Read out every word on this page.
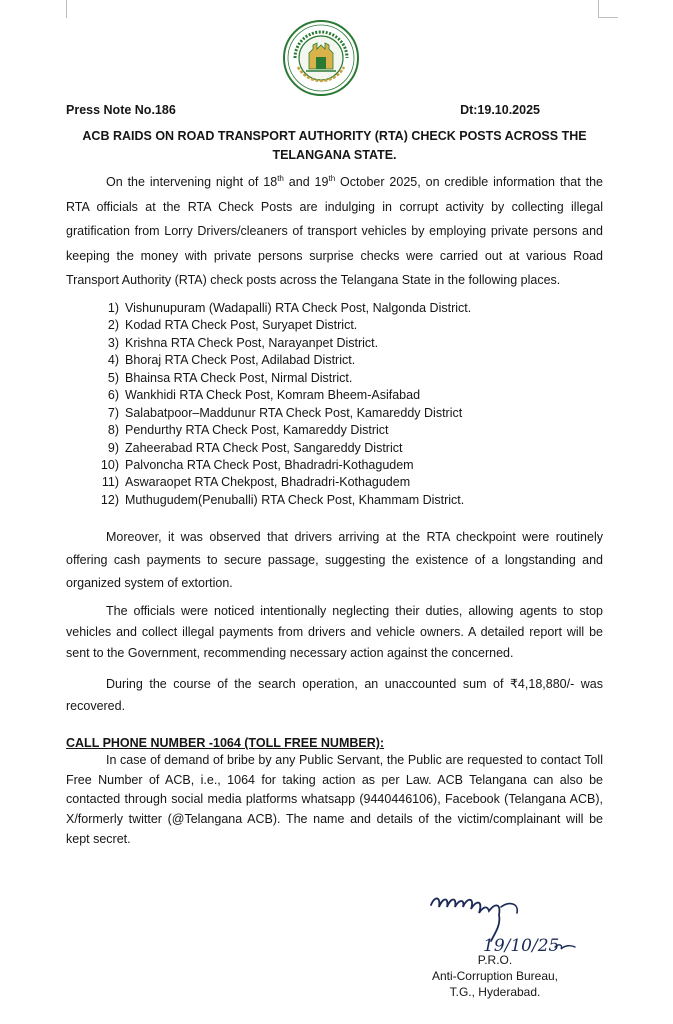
Press Note No.186	Dt:19.10.2025
ACB RAIDS ON ROAD TRANSPORT AUTHORITY (RTA) CHECK POSTS ACROSS THE
TELANGANA STATE.
On the intervening night of 18th and 19th October 2025, on credible information that the RTA officials at the RTA Check Posts are indulging in corrupt activity by collecting illegal gratification from Lorry Drivers/cleaners of transport vehicles by employing private persons and keeping the money with private persons surprise checks were carried out at various Road Transport Authority (RTA) check posts across the Telangana State in the following places.
1) Vishunupuram (Wadapalli) RTA Check Post, Nalgonda District.
2) Kodad RTA Check Post, Suryapet District.
3) Krishna RTA Check Post, Narayanpet District.
4) Bhoraj RTA Check Post, Adilabad District.
5) Bhainsa RTA Check Post, Nirmal District.
6) Wankhidi RTA Check Post, Komram Bheem-Asifabad
7) Salabatpoor–Maddunur RTA Check Post, Kamareddy District
8) Pendurthy RTA Check Post, Kamareddy District
9) Zaheerabad RTA Check Post, Sangareddy District
10) Palvoncha RTA Check Post, Bhadradri-Kothagudem
11) Aswaraopet RTA Chekpost, Bhadradri-Kothagudem
12) Muthugudem(Penuballi) RTA Check Post, Khammam District.
Moreover, it was observed that drivers arriving at the RTA checkpoint were routinely offering cash payments to secure passage, suggesting the existence of a longstanding and organized system of extortion.
The officials were noticed intentionally neglecting their duties, allowing agents to stop vehicles and collect illegal payments from drivers and vehicle owners. A detailed report will be sent to the Government, recommending necessary action against the concerned.
During the course of the search operation, an unaccounted sum of ₹4,18,880/- was recovered.
CALL PHONE NUMBER -1064 (TOLL FREE NUMBER):
In case of demand of bribe by any Public Servant, the Public are requested to contact Toll Free Number of ACB, i.e., 1064 for taking action as per Law. ACB Telangana can also be contacted through social media platforms whatsapp (9440446106), Facebook (Telangana ACB), X/formerly twitter (@Telangana ACB). The name and details of the victim/complainant will be kept secret.
19/10/25
P.R.O.
Anti-Corruption Bureau,
T.G., Hyderabad.
